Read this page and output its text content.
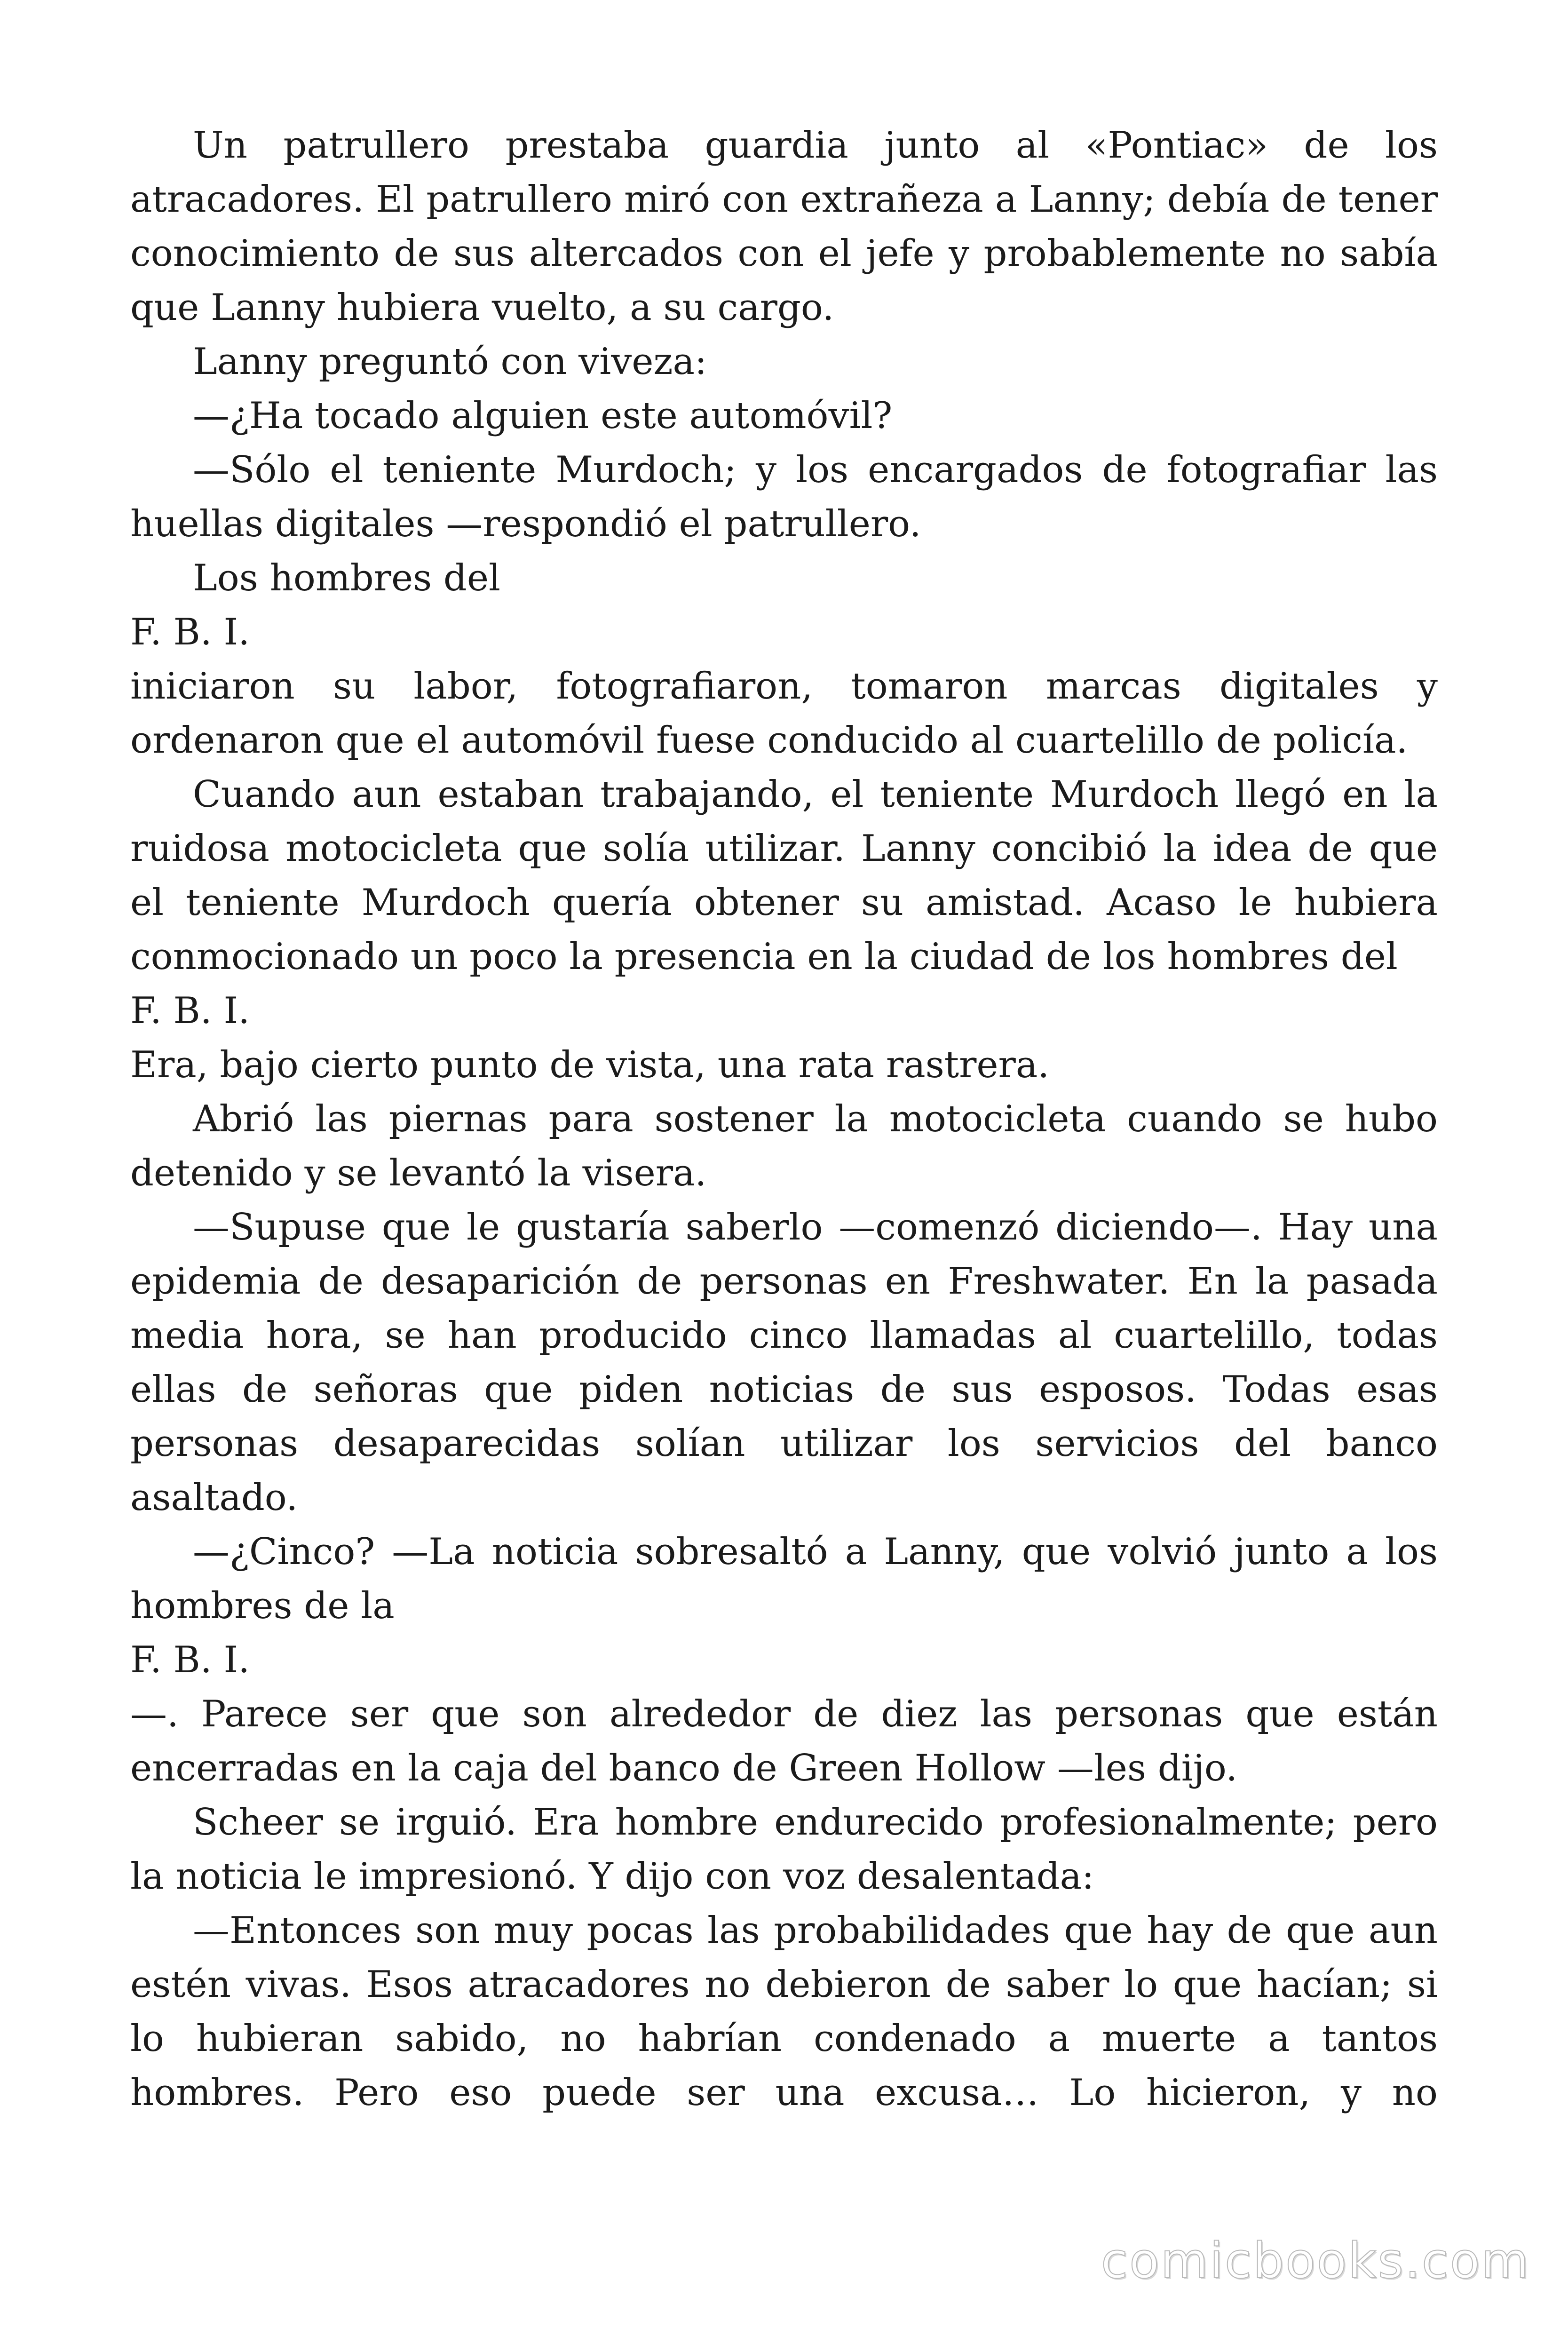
Un patrullero prestaba guardia junto al «Pontiac» de los atracadores. El patrullero miró con extrañeza a Lanny; debía de tener conocimiento de sus altercados con el jefe y probablemente no sabía que Lanny hubiera vuelto, a su cargo.

Lanny preguntó con viveza:

—¿Ha tocado alguien este automóvil?

—Sólo el teniente Murdoch; y los encargados de fotografiar las huellas digitales —respondió el patrullero.

Los hombres del

F. B. I.

iniciaron su labor, fotografiaron, tomaron marcas digitales y ordenaron que el automóvil fuese conducido al cuartelillo de policía.

Cuando aun estaban trabajando, el teniente Murdoch llegó en la ruidosa motocicleta que solía utilizar. Lanny concibió la idea de que el teniente Murdoch quería obtener su amistad. Acaso le hubiera conmocionado un poco la presencia en la ciudad de los hombres del

F. B. I.

Era, bajo cierto punto de vista, una rata rastrera.

Abrió las piernas para sostener la motocicleta cuando se hubo detenido y se levantó la visera.

—Supuse que le gustaría saberlo —comenzó diciendo—. Hay una epidemia de desaparición de personas en Freshwater. En la pasada media hora, se han producido cinco llamadas al cuartelillo, todas ellas de señoras que piden noticias de sus esposos. Todas esas personas desaparecidas solían utilizar los servicios del banco asaltado.

—¿Cinco? —La noticia sobresaltó a Lanny, que volvió junto a los hombres de la

F. B. I.

—. Parece ser que son alrededor de diez las personas que están encerradas en la caja del banco de Green Hollow —les dijo.

Scheer se irguió. Era hombre endurecido profesionalmente; pero la noticia le impresionó. Y dijo con voz desalentada:

—Entonces son muy pocas las probabilidades que hay de que aun estén vivas. Esos atracadores no debieron de saber lo que hacían; si lo hubieran sabido, no habrían condenado a muerte a tantos hombres. Pero eso puede ser una excusa… Lo hicieron, y no

comicbooks.com
